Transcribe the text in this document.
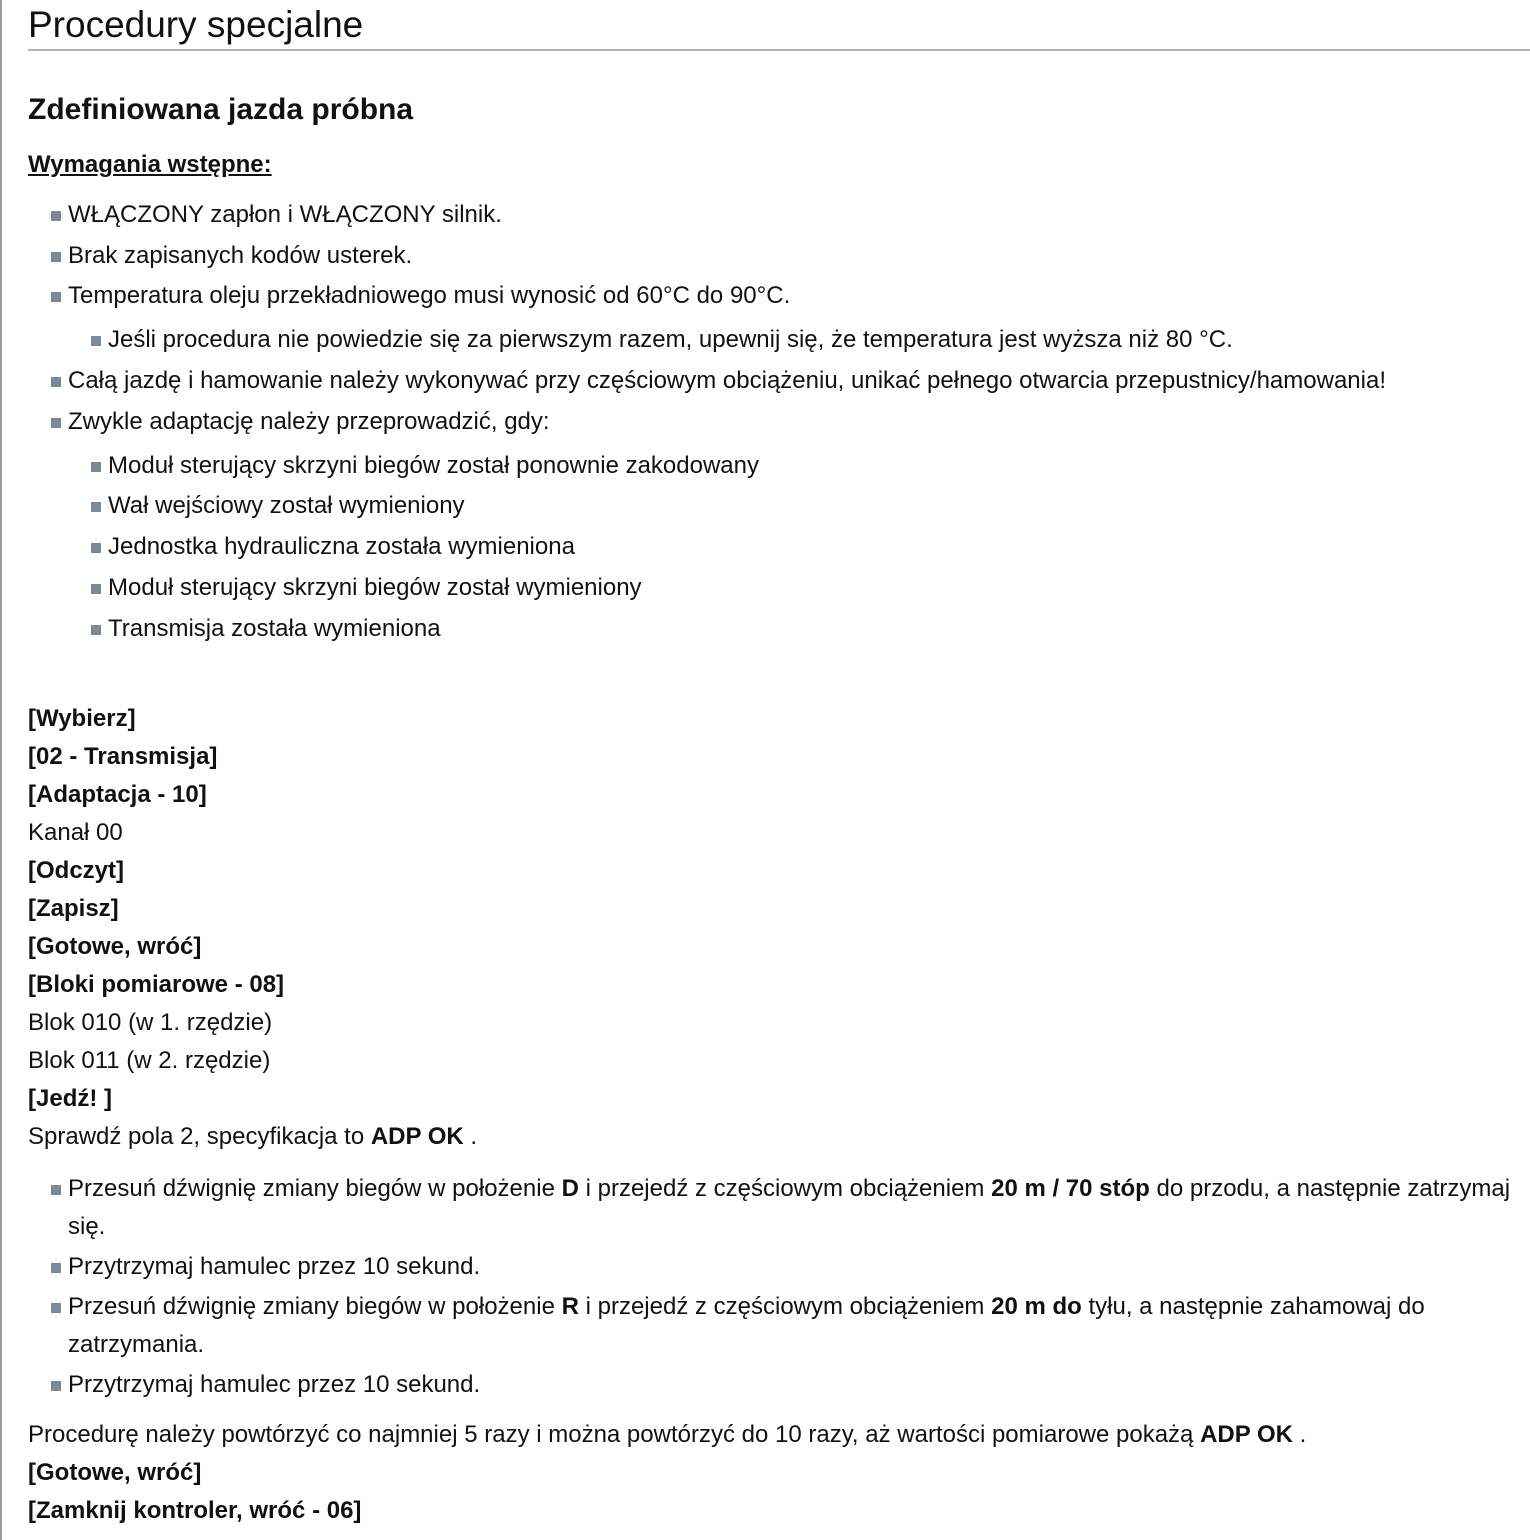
Procedury specjalne
Zdefiniowana jazda próbna
Wymagania wstępne:
WŁĄCZONY zapłon i WŁĄCZONY silnik.
Brak zapisanych kodów usterek.
Temperatura oleju przekładniowego musi wynosić od 60°C do 90°C.
Jeśli procedura nie powiedzie się za pierwszym razem, upewnij się, że temperatura jest wyższa niż 80 °C.
Całą jazdę i hamowanie należy wykonywać przy częściowym obciążeniu, unikać pełnego otwarcia przepustnicy/hamowania!
Zwykle adaptację należy przeprowadzić, gdy:
Moduł sterujący skrzyni biegów został ponownie zakodowany
Wał wejściowy został wymieniony
Jednostka hydrauliczna została wymieniona
Moduł sterujący skrzyni biegów został wymieniony
Transmisja została wymieniona
[Wybierz]
[02 - Transmisja]
[Adaptacja - 10]
Kanał 00
[Odczyt]
[Zapisz]
[Gotowe, wróć]
[Bloki pomiarowe - 08]
Blok 010 (w 1. rzędzie)
Blok 011 (w 2. rzędzie)
[Jedź! ]
Sprawdź pola 2, specyfikacja to ADP OK .
Przesuń dźwignię zmiany biegów w położenie D i przejedź z częściowym obciążeniem 20 m / 70 stóp do przodu, a następnie zatrzymaj się.
Przytrzymaj hamulec przez 10 sekund.
Przesuń dźwignię zmiany biegów w położenie R i przejedź z częściowym obciążeniem 20 m do tyłu, a następnie zahamowaj do zatrzymania.
Przytrzymaj hamulec przez 10 sekund.
Procedurę należy powtórzyć co najmniej 5 razy i można powtórzyć do 10 razy, aż wartości pomiarowe pokażą ADP OK .
[Gotowe, wróć]
[Zamknij kontroler, wróć - 06]
